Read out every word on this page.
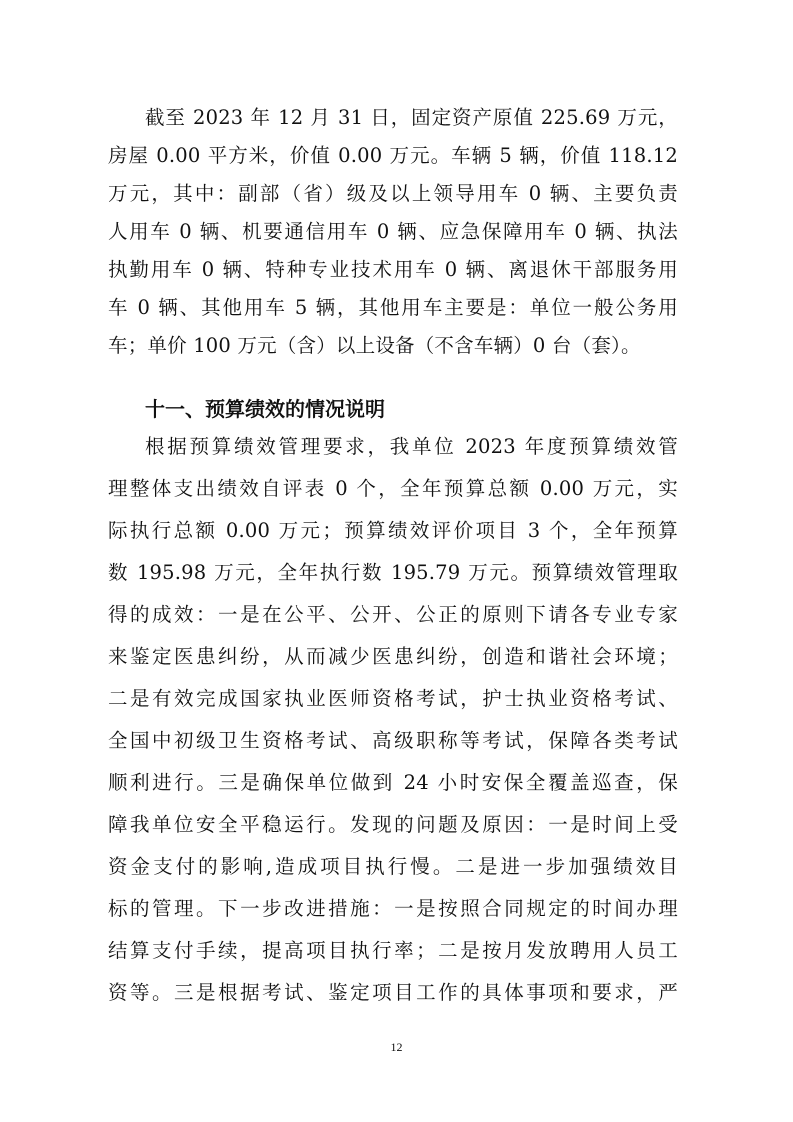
截至 2023 年 12 月 31 日，固定资产原值 225.69 万元，
房屋 0.00 平方米，价值 0.00 万元。车辆 5 辆，价值 118.12
万元，其中：副部（省）级及以上领导用车 0 辆、主要负责
人用车 0 辆、机要通信用车 0 辆、应急保障用车 0 辆、执法
执勤用车 0 辆、特种专业技术用车 0 辆、离退休干部服务用
车 0 辆、其他用车 5 辆，其他用车主要是：单位一般公务用
车；单价 100 万元（含）以上设备（不含车辆）0 台（套）。
十一、预算绩效的情况说明
根据预算绩效管理要求，我单位 2023 年度预算绩效管
理整体支出绩效自评表 0 个，全年预算总额 0.00 万元，实
际执行总额 0.00 万元；预算绩效评价项目 3 个，全年预算
数 195.98 万元，全年执行数 195.79 万元。预算绩效管理取
得的成效：一是在公平、公开、公正的原则下请各专业专家
来鉴定医患纠纷，从而减少医患纠纷，创造和谐社会环境；
二是有效完成国家执业医师资格考试，护士执业资格考试、
全国中初级卫生资格考试、高级职称等考试，保障各类考试
顺利进行。三是确保单位做到 24 小时安保全覆盖巡查，保
障我单位安全平稳运行。发现的问题及原因：一是时间上受
资金支付的影响,造成项目执行慢。二是进一步加强绩效目
标的管理。下一步改进措施：一是按照合同规定的时间办理
结算支付手续，提高项目执行率；二是按月发放聘用人员工
资等。三是根据考试、鉴定项目工作的具体事项和要求，严
12
